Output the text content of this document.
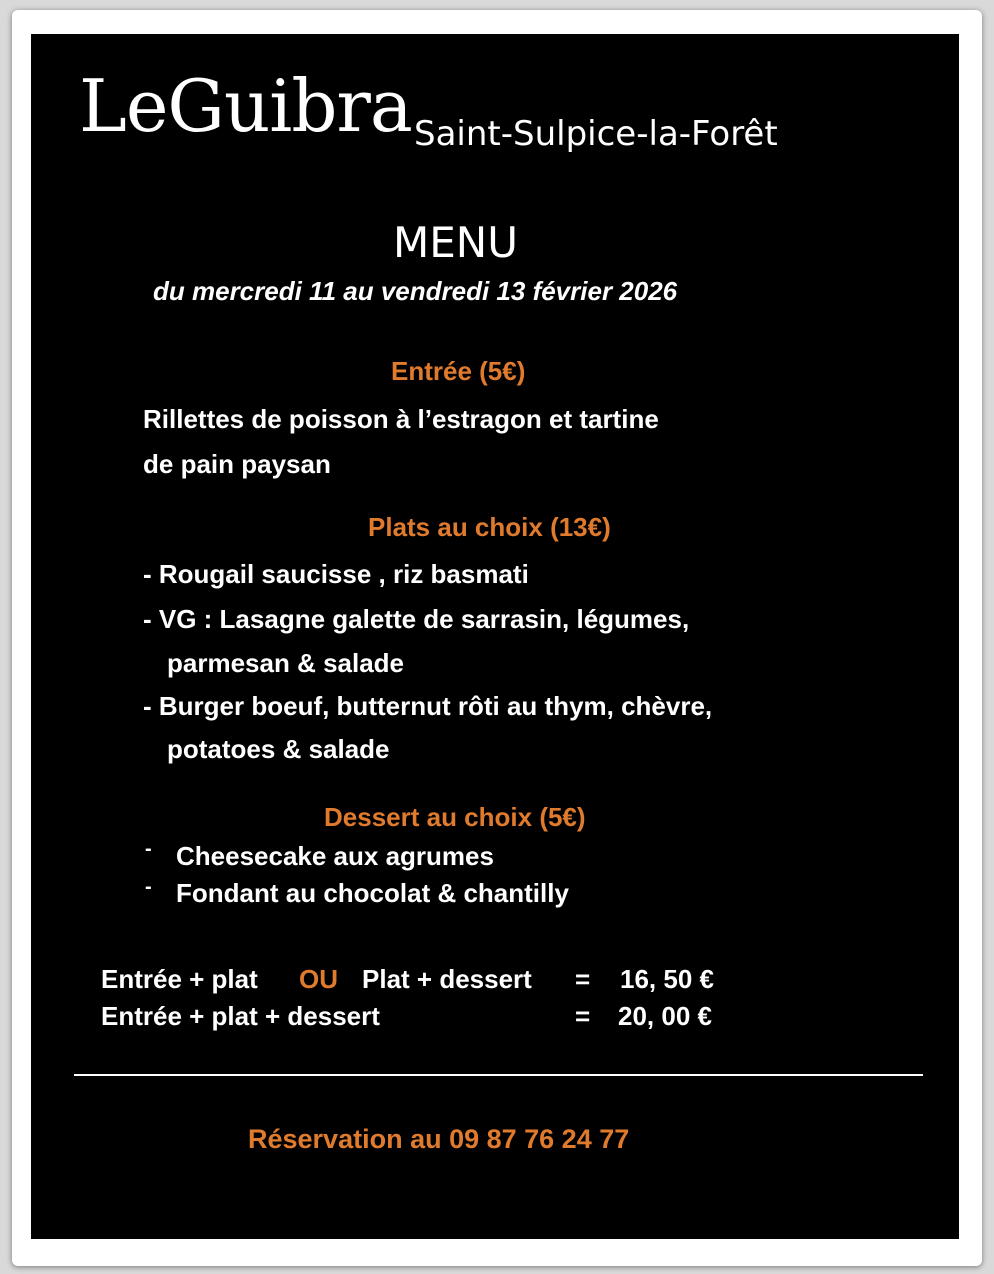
LeGuibra Saint-Sulpice-la-Forêt
MENU
du mercredi 11 au vendredi 13 février 2026
Entrée (5€)
Rillettes de poisson à l’estragon et tartine
de pain paysan
Plats au choix (13€)
- Rougail saucisse , riz basmati
- VG : Lasagne galette de sarrasin, légumes,
parmesan & salade
- Burger boeuf, butternut rôti au thym, chèvre,
potatoes & salade
Dessert au choix (5€)
- Cheesecake aux agrumes
- Fondant au chocolat & chantilly
Entrée + plat OU Plat + dessert = 16, 50 €
Entrée + plat + dessert	= 20, 00 €
Réservation au 09 87 76 24 77
